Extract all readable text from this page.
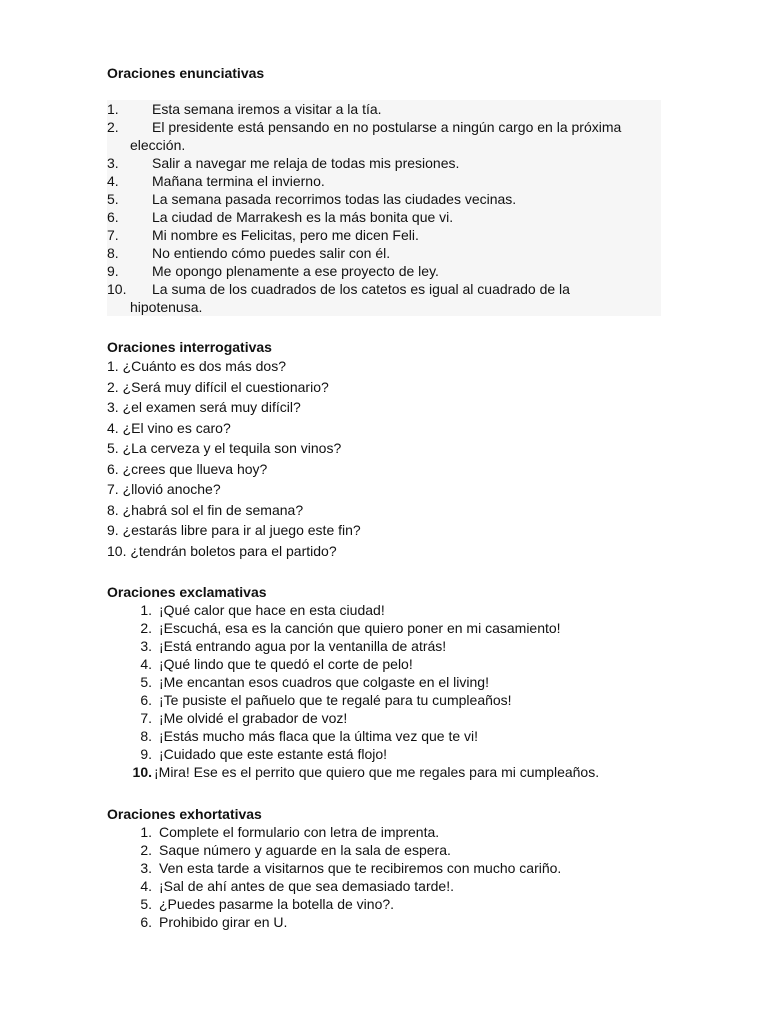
Oraciones enunciativas
1.	Esta semana iremos a visitar a la tía.
2.	El presidente está pensando en no postularse a ningún cargo en la próxima
elección.
3.	Salir a navegar me relaja de todas mis presiones.
4.	Mañana termina el invierno.
5.	La semana pasada recorrimos todas las ciudades vecinas.
6.	La ciudad de Marrakesh es la más bonita que vi.
7.	Mi nombre es Felicitas, pero me dicen Feli.
8.	No entiendo cómo puedes salir con él.
9.	Me opongo plenamente a ese proyecto de ley.
10.	La suma de los cuadrados de los catetos es igual al cuadrado de la
hipotenusa.
Oraciones interrogativas
1. ¿Cuánto es dos más dos?
2. ¿Será muy difícil el cuestionario?
3. ¿el examen será muy difícil?
4. ¿El vino es caro?
5. ¿La cerveza y el tequila son vinos?
6. ¿crees que llueva hoy?
7. ¿llovió anoche?
8. ¿habrá sol el fin de semana?
9. ¿estarás libre para ir al juego este fin?
10. ¿tendrán boletos para el partido?
Oraciones exclamativas
1. ¡Qué calor que hace en esta ciudad!
2. ¡Escuchá, esa es la canción que quiero poner en mi casamiento!
3. ¡Está entrando agua por la ventanilla de atrás!
4. ¡Qué lindo que te quedó el corte de pelo!
5. ¡Me encantan esos cuadros que colgaste en el living!
6. ¡Te pusiste el pañuelo que te regalé para tu cumpleaños!
7. ¡Me olvidé el grabador de voz!
8. ¡Estás mucho más flaca que la última vez que te vi!
9. ¡Cuidado que este estante está flojo!
10. ¡Mira! Ese es el perrito que quiero que me regales para mi cumpleaños.
Oraciones exhortativas
1. Complete el formulario con letra de imprenta.
2. Saque número y aguarde en la sala de espera.
3. Ven esta tarde a visitarnos que te recibiremos con mucho cariño.
4. ¡Sal de ahí antes de que sea demasiado tarde!.
5. ¿Puedes pasarme la botella de vino?.
6. Prohibido girar en U.
